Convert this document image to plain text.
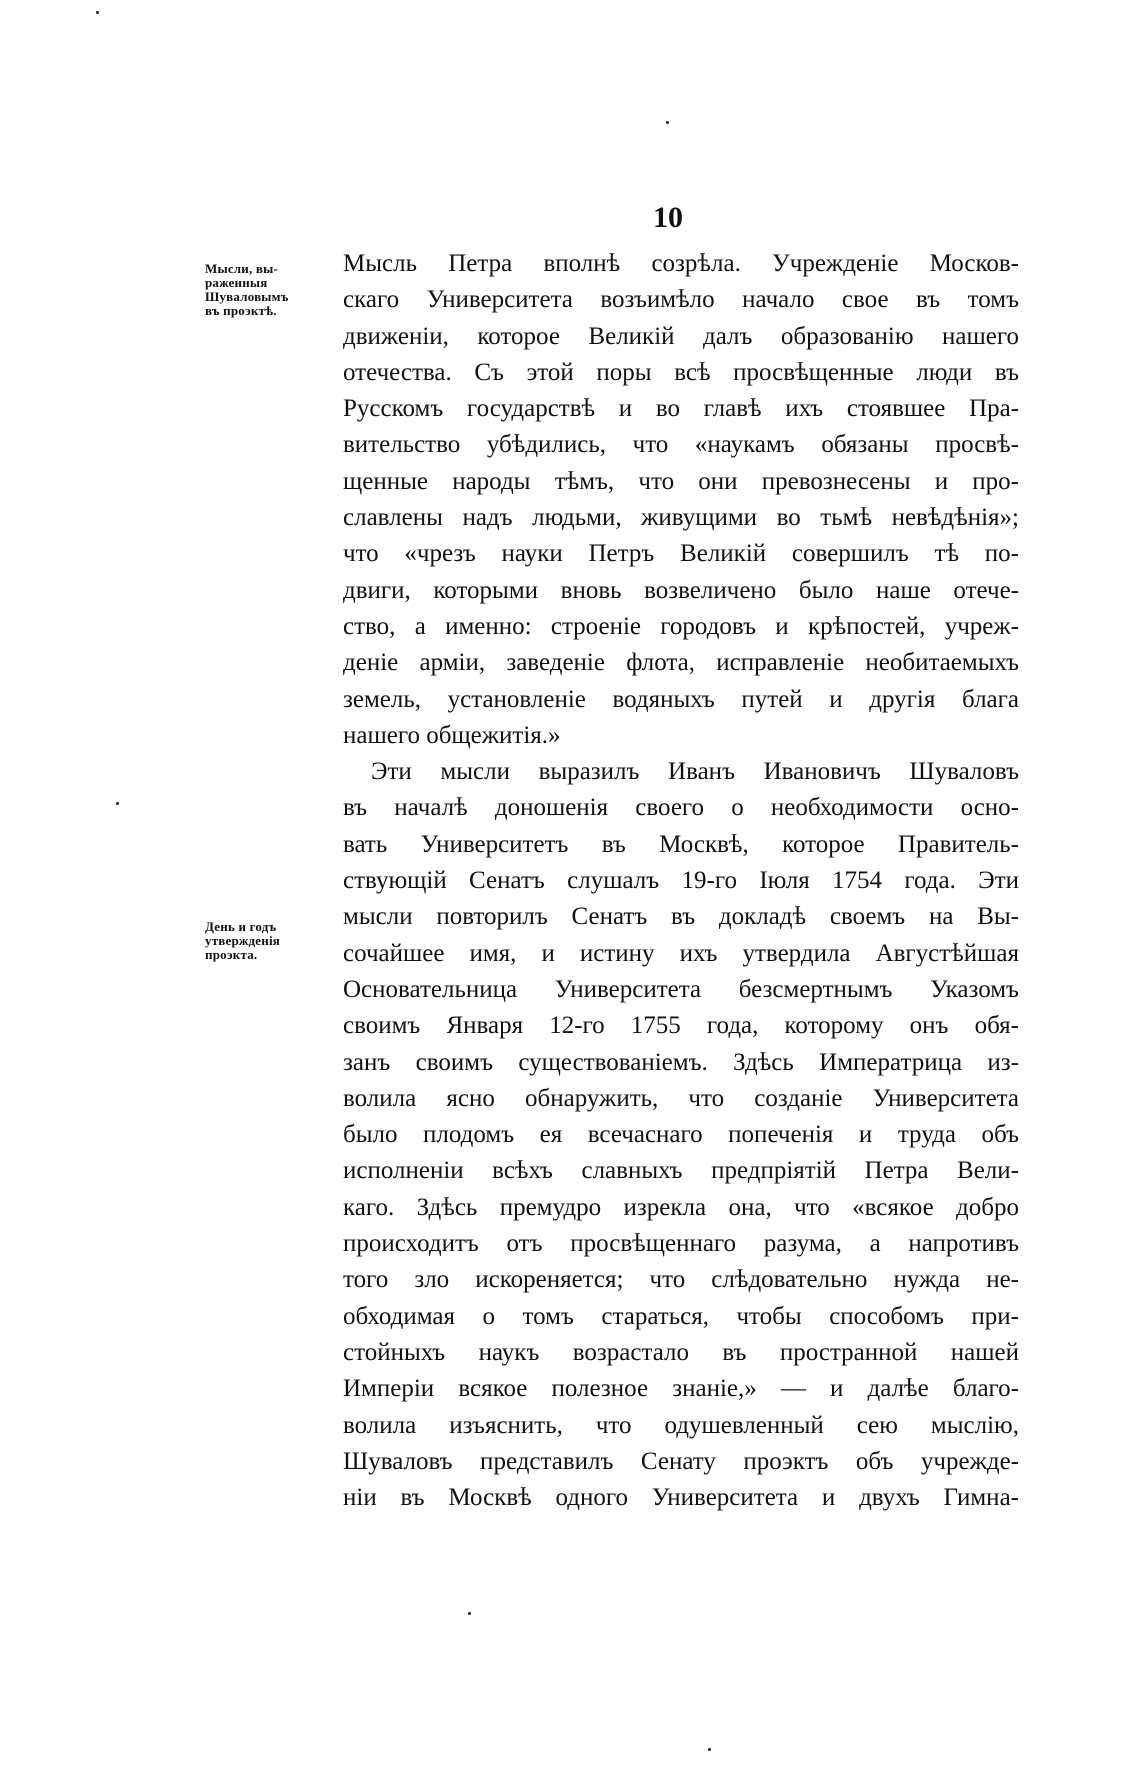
10
Мысли, вы-
раженныя
Шуваловымъ
въ проэктѣ.
День и годъ
утвержденія
проэкта.
Мысль Петра вполнѣ созрѣла. Учрежденіе Москов-
скаго Университета возъимѣло начало свое въ томъ
движеніи, которое Великій далъ образованію нашего
отечества. Съ этой поры всѣ просвѣщенные люди въ
Русскомъ государствѣ и во главѣ ихъ стоявшее Пра-
вительство убѣдились, что «наукамъ обязаны просвѣ-
щенные народы тѣмъ, что они превознесены и про-
славлены надъ людьми, живущими во тьмѣ невѣдѣнія»;
что «чрезъ науки Петръ Великій совершилъ тѣ по-
двиги, которыми вновь возвеличено было наше отече-
ство, а именно: строеніе городовъ и крѣпостей, учреж-
деніе арміи, заведеніе флота, исправленіе необитаемыхъ
земель, установленіе водяныхъ путей и другія блага
нашего общежитія.»
Эти мысли выразилъ Иванъ Ивановичъ Шуваловъ
въ началѣ доношенія своего о необходимости осно-
вать Университетъ въ Москвѣ, которое Правитель-
ствующій Сенатъ слушалъ 19-го Іюля 1754 года. Эти
мысли повторилъ Сенатъ въ докладѣ своемъ на Вы-
сочайшее имя, и истину ихъ утвердила Августѣйшая
Основательница Университета безсмертнымъ Указомъ
своимъ Января 12-го 1755 года, которому онъ обя-
занъ своимъ существованіемъ. Здѣсь Императрица из-
волила ясно обнаружить, что созданіе Университета
было плодомъ ея всечаснаго попеченія и труда объ
исполненіи всѣхъ славныхъ предпріятій Петра Вели-
каго. Здѣсь премудро изрекла она, что «всякое добро
происходитъ отъ просвѣщеннаго разума, а напротивъ
того зло искореняется; что слѣдовательно нужда не-
обходимая о томъ стараться, чтобы способомъ при-
стойныхъ наукъ возрастало въ пространной нашей
Имперіи всякое полезное знаніе,» — и далѣе благо-
волила изъяснить, что одушевленный сею мыслію,
Шуваловъ представилъ Сенату проэктъ объ учрежде-
ніи въ Москвѣ одного Университета и двухъ Гимна-
